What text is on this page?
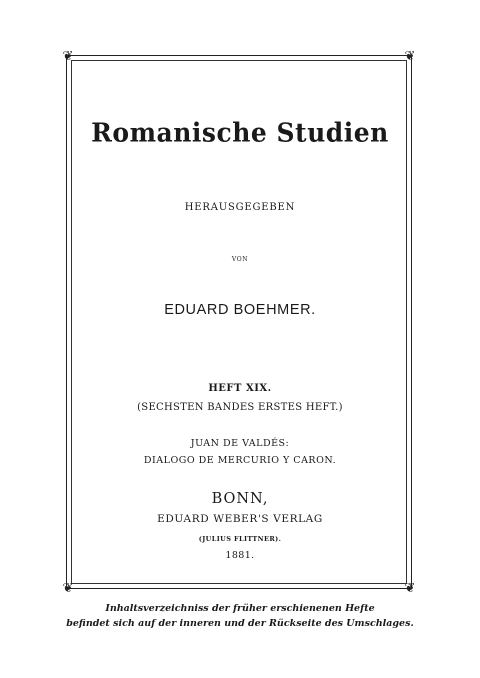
❦	❦
❦	❦
Romanische Studien
HERAUSGEGEBEN
VON
EDUARD BOEHMER.
HEFT XIX.
(SECHSTEN BANDES ERSTES HEFT.)
JUAN DE VALDÉS:
DIALOGO DE MERCURIO Y CARON.
BONN,
EDUARD WEBER'S VERLAG
(JULIUS FLITTNER).
1881.
Inhaltsverzeichniss der früher erschienenen Hefte
befindet sich auf der inneren und der Rückseite des Umschlages.
